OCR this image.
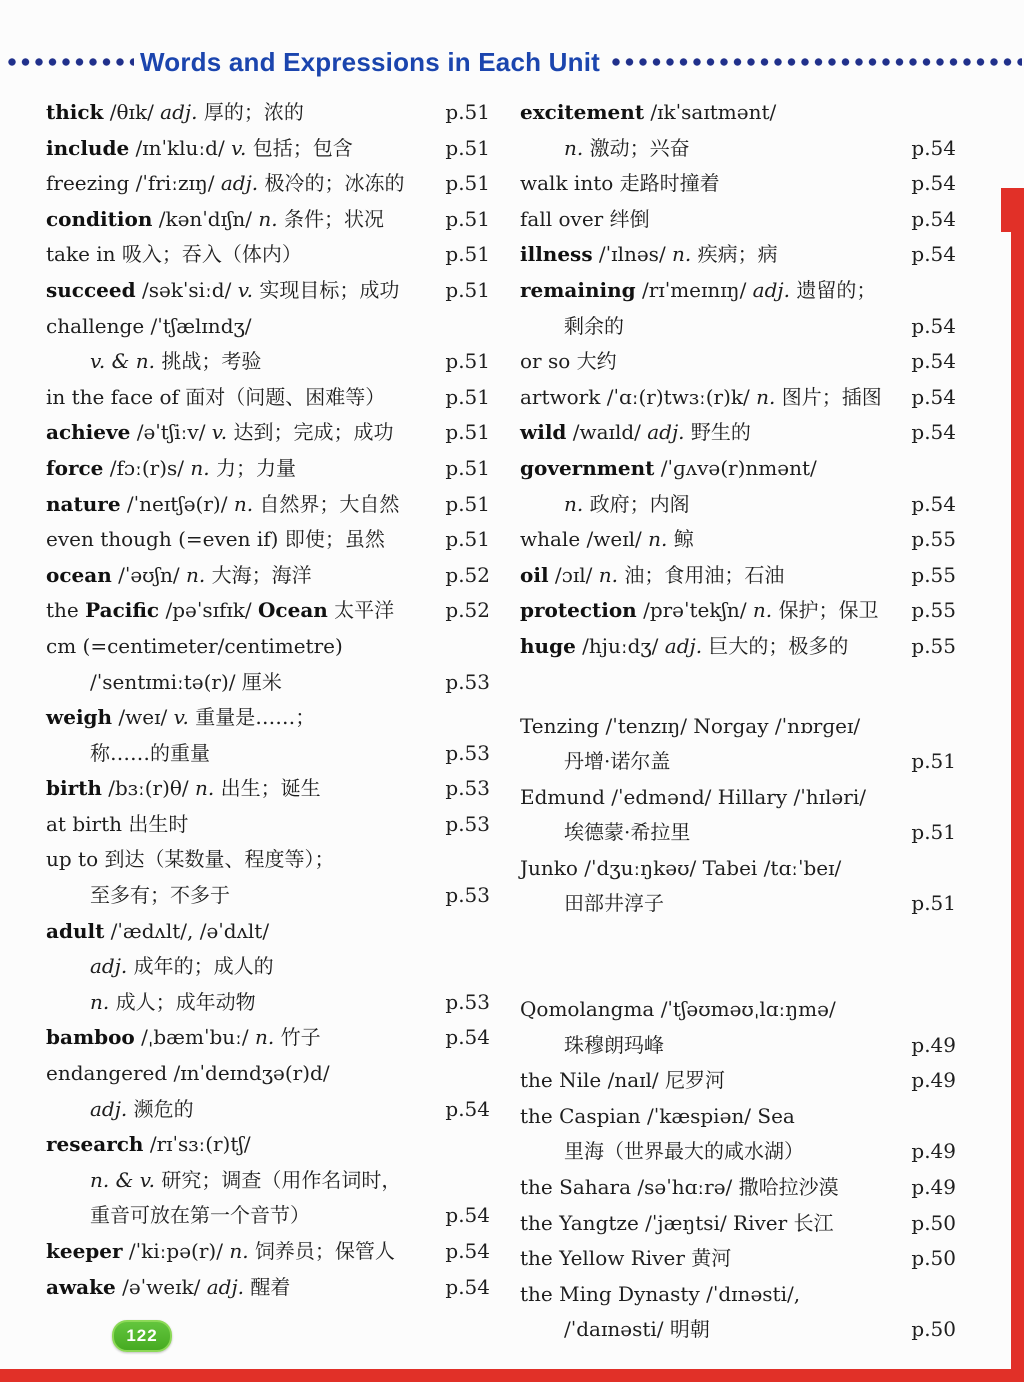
Words and Expressions in Each Unit
thick /θɪk/ adj. 厚的；浓的	p.51
include /ɪnˈkluːd/ v. 包括；包含	p.51
freezing /ˈfriːzɪŋ/ adj. 极冷的；冰冻的 p.51
condition /kənˈdɪʃn/ n. 条件；状况	p.51
take in 吸入；吞入（体内）	p.51
succeed /səkˈsiːd/ v. 实现目标；成功 p.51
challenge /ˈtʃælɪndʒ/
v. & n. 挑战；考验	p.51
in the face of 面对（问题、困难等）	p.51
achieve /əˈtʃiːv/ v. 达到；完成；成功	p.51
force /fɔː(r)s/ n. 力；力量	p.51
nature /ˈneɪtʃə(r)/ n. 自然界；大自然 p.51
even though (=even if) 即使；虽然	p.51
ocean /ˈəʊʃn/ n. 大海；海洋	p.52
the Pacific /pəˈsɪfɪk/ Ocean 太平洋	p.52
cm (=centimeter/centimetre)
/ˈsentɪmiːtə(r)/ 厘米	p.53
weigh /weɪ/ v. 重量是……；
称……的重量	p.53
birth /bɜː(r)θ/ n. 出生；诞生	p.53
at birth 出生时	p.53
up to 到达（某数量、程度等）；
至多有；不多于	p.53
adult /ˈædʌlt/, /əˈdʌlt/
adj. 成年的；成人的
n. 成人；成年动物	p.53
bamboo /ˌbæmˈbuː/ n. 竹子	p.54
endangered /ɪnˈdeɪndʒə(r)d/
adj. 濒危的	p.54
research /rɪˈsɜː(r)tʃ/
n. & v. 研究；调查（用作名词时，
重音可放在第一个音节）	p.54
keeper /ˈkiːpə(r)/ n. 饲养员；保管人	p.54
awake /əˈweɪk/ adj. 醒着	p.54
excitement /ɪkˈsaɪtmənt/
n. 激动；兴奋	p.54
walk into 走路时撞着	p.54
fall over 绊倒	p.54
illness /ˈɪlnəs/ n. 疾病；病	p.54
remaining /rɪˈmeɪnɪŋ/ adj. 遗留的；
剩余的	p.54
or so 大约	p.54
artwork /ˈɑː(r)twɜː(r)k/ n. 图片；插图 p.54
wild /waɪld/ adj. 野生的	p.54
government /ˈɡʌvə(r)nmənt/
n. 政府；内阁	p.54
whale /weɪl/ n. 鲸	p.55
oil /ɔɪl/ n. 油；食用油；石油	p.55
protection /prəˈtekʃn/ n. 保护；保卫 p.55
huge /hjuːdʒ/ adj. 巨大的；极多的	p.55
Tenzing /ˈtenzɪŋ/ Norgay /ˈnɒrɡeɪ/
丹增·诺尔盖	p.51
Edmund /ˈedmənd/ Hillary /ˈhɪləri/
埃德蒙·希拉里	p.51
Junko /ˈdʒuːŋkəʊ/ Tabei /tɑːˈbeɪ/
田部井淳子	p.51
Qomolangma /ˈtʃəʊməʊˌlɑːŋmə/
珠穆朗玛峰	p.49
the Nile /naɪl/ 尼罗河	p.49
the Caspian /ˈkæspiən/ Sea
里海（世界最大的咸水湖）	p.49
the Sahara /səˈhɑːrə/ 撒哈拉沙漠	p.49
the Yangtze /ˈjæŋtsi/ River 长江	p.50
the Yellow River 黄河	p.50
the Ming Dynasty /ˈdɪnəsti/,
/ˈdaɪnəsti/ 明朝	p.50
122
